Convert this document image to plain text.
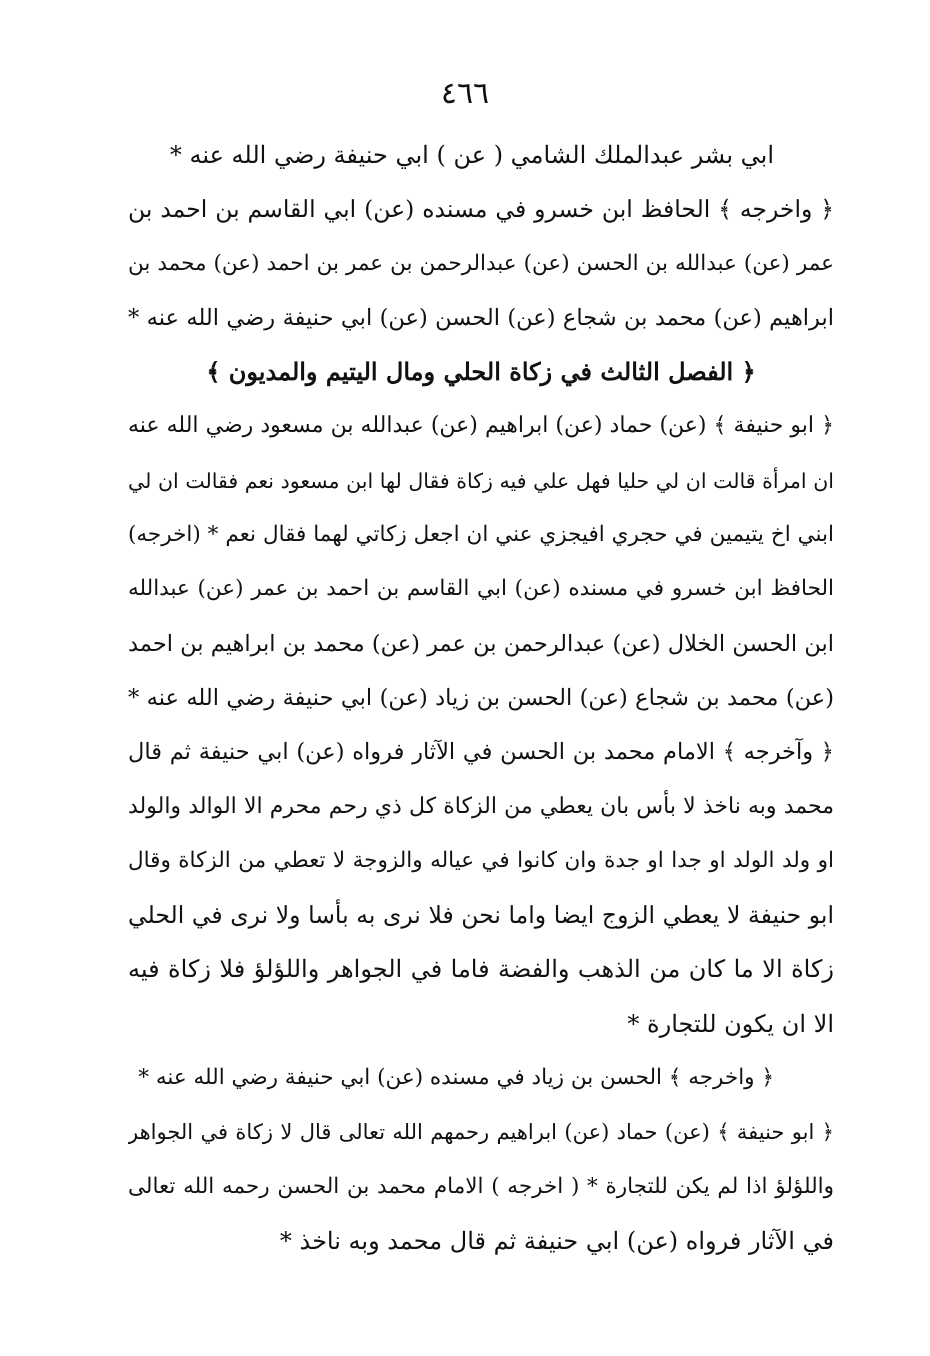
٤٦٦
ابي بشر عبدالملك الشامي ( عن ) ابي حنيفة رضي الله عنه *
﴿ واخرجه ﴾ الحافظ ابن خسرو في مسنده (عن) ابي القاسم بن احمد بن
عمر (عن) عبدالله بن الحسن (عن) عبدالرحمن بن عمر بن احمد (عن) محمد بن
ابراهيم (عن) محمد بن شجاع (عن) الحسن (عن) ابي حنيفة رضي الله عنه *
﴿ الفصل الثالث في زكاة الحلي ومال اليتيم والمديون ﴾
﴿ ابو حنيفة ﴾ (عن) حماد (عن) ابراهيم (عن) عبدالله بن مسعود رضي الله عنه
ان امرأة قالت ان لي حليا فهل علي فيه زكاة فقال لها ابن مسعود نعم فقالت ان لي
ابني اخ يتيمين في حجري افيجزي عني ان اجعل زكاتي لهما فقال نعم * (اخرجه)
الحافظ ابن خسرو في مسنده (عن) ابي القاسم بن احمد بن عمر (عن) عبدالله
ابن الحسن الخلال (عن) عبدالرحمن بن عمر (عن) محمد بن ابراهيم بن احمد
(عن) محمد بن شجاع (عن) الحسن بن زياد (عن) ابي حنيفة رضي الله عنه *
﴿ وآخرجه ﴾ الامام محمد بن الحسن في الآثار فرواه (عن) ابي حنيفة ثم قال
محمد وبه ناخذ لا بأس بان يعطي من الزكاة كل ذي رحم محرم الا الوالد والولد
او ولد الولد او جدا او جدة وان كانوا في عياله والزوجة لا تعطي من الزكاة وقال
ابو حنيفة لا يعطي الزوج ايضا واما نحن فلا نرى به بأسا ولا نرى في الحلي
زكاة الا ما كان من الذهب والفضة فاما في الجواهر واللؤلؤ فلا زكاة فيه
الا ان يكون للتجارة *
﴿ واخرجه ﴾ الحسن بن زياد في مسنده (عن) ابي حنيفة رضي الله عنه *
﴿ ابو حنيفة ﴾ (عن) حماد (عن) ابراهيم رحمهم الله تعالى قال لا زكاة في الجواهر
واللؤلؤ اذا لم يكن للتجارة * ( اخرجه ) الامام محمد بن الحسن رحمه الله تعالى
في الآثار فرواه (عن) ابي حنيفة ثم قال محمد وبه ناخذ *
